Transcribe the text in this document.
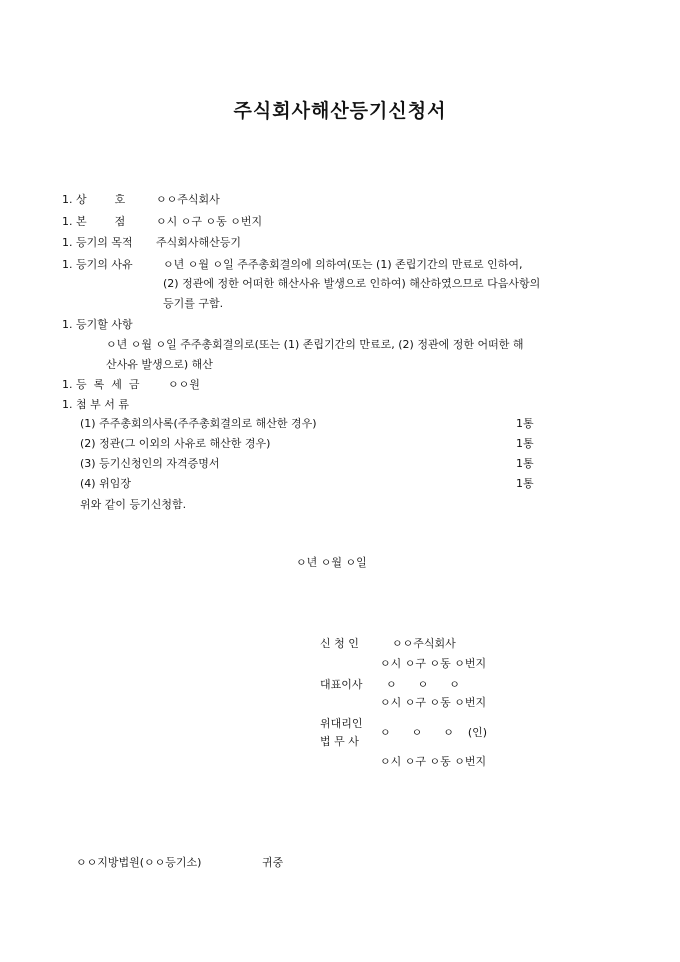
주식회사해산등기신청서
1. 상        호	ㅇㅇ주식회사
1. 본        점	ㅇ시 ㅇ구 ㅇ동 ㅇ번지
1. 등기의 목적 주식회사해산등기
1. 등기의 사유	ㅇ년 ㅇ월 ㅇ일 주주총회결의에 의하여(또는 (1) 존립기간의 만료로 인하여,
(2) 정관에 정한 어떠한 해산사유 발생으로 인하여) 해산하였으므로 다음사항의
등기를 구함.
1. 등기할 사항
ㅇ년 ㅇ월 ㅇ일 주주총회결의로(또는 (1) 존립기간의 만료로, (2) 정관에 정한 어떠한 해
산사유 발생으로) 해산
1. 등  록  세  금	ㅇㅇ원
1. 첨 부 서 류
(1) 주주총회의사록(주주총회결의로 해산한 경우)	1통
(2) 정관(그 이외의 사유로 해산한 경우)	1통
(3) 등기신청인의 자격증명서	1통
(4) 위임장	1통
위와 같이 등기신청함.
ㅇ년 ㅇ월 ㅇ일
신 청 인	ㅇㅇ주식회사
ㅇ시 ㅇ구 ㅇ동 ㅇ번지
대표이사 ㅇ      ㅇ      ㅇ
ㅇ시 ㅇ구 ㅇ동 ㅇ번지
위대리인
법 무 사
ㅇ      ㅇ      ㅇ    (인)
ㅇ시 ㅇ구 ㅇ동 ㅇ번지
ㅇㅇ지방법원(ㅇㅇ등기소)	귀중
